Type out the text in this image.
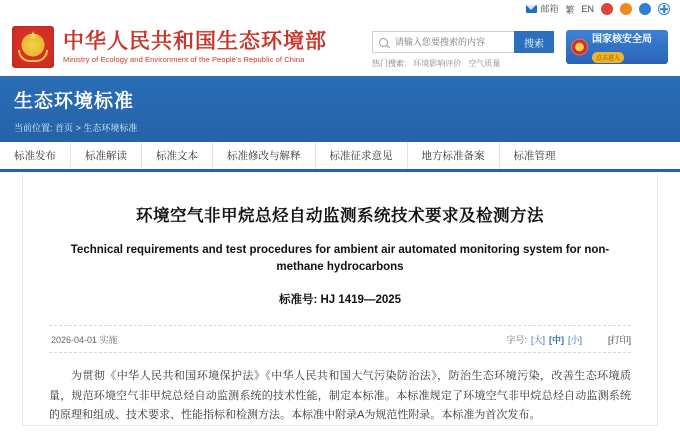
邮箱 繁 EN
★
中华人民共和国生态环境部
Ministry of Ecology and Environment of the People's Republic of China
请输入您要搜索的内容
搜索
热门搜索: 环境影响评价 空气质量
国家核安全局
点击进入
生态环境标准
当前位置: 首页 > 生态环境标准
标准发布	标准解读	标准文本	标准修改与解释	标准征求意见	地方标准备案	标准管理
环境空气非甲烷总烃自动监测系统技术要求及检测方法
Technical requirements and test procedures for ambient air automated monitoring system for non-methane hydrocarbons
标准号: HJ 1419—2025
2026-04-01 实施	字号: [大] [中] [小]	[打印]
为贯彻《中华人民共和国环境保护法》《中华人民共和国大气污染防治法》，防治生态环境污染，改善生态环境质量，规范环境空气非甲烷总烃自动监测系统的技术性能，制定本标准。本标准规定了环境空气非甲烷总烃自动监测系统的原理和组成、技术要求、性能指标和检测方法。本标准中附录A为规范性附录。本标准为首次发布。
